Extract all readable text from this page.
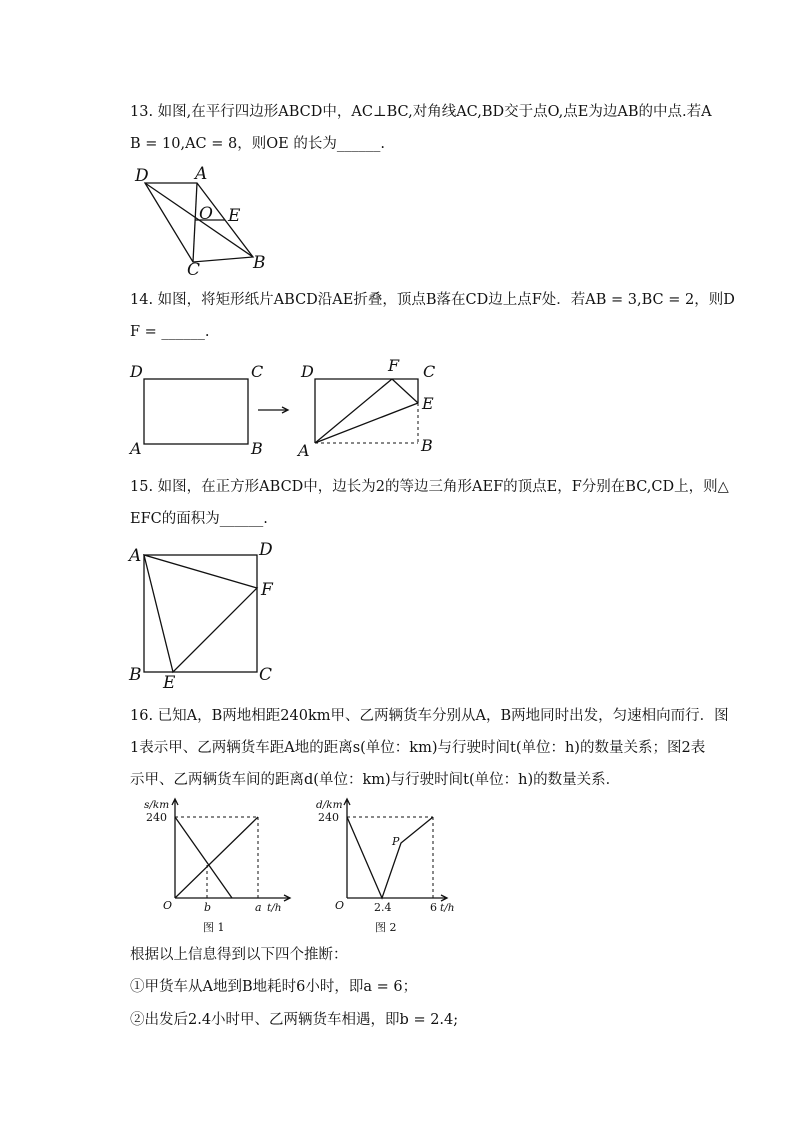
13. 如图,在平行四边形ABCD中，AC⊥BC,对角线AC,BD交于点O,点E为边AB的中点.若A
B = 10,AC = 8，则OE 的长为______.
D	A
O E
C	B
14. 如图，将矩形纸片ABCD沿AE折叠，顶点B落在CD边上点F处．若AB = 3,BC = 2，则D
F = ______.
D	C
A	B
D	F C
E
A	B
15. 如图，在正方形ABCD中，边长为2的等边三角形AEF的顶点E，F分别在BC,CD上，则△
EFC的面积为______.
A	D
F
B E	C
16. 已知A，B两地相距240km甲、乙两辆货车分别从A，B两地同时出发，匀速相向而行．图
1表示甲、乙两辆货车距A地的距离s(单位：km)与行驶时间t(单位：h)的数量关系；图2表
示甲、乙两辆货车间的距离d(单位：km)与行驶时间t(单位：h)的数量关系．
s/km
240
O	b	a t/h
图 1
d/km
240
P
O	2.4	6 t/h
图 2
根据以上信息得到以下四个推断：
①甲货车从A地到B地耗时6小时，即a = 6；
②出发后2.4小时甲、乙两辆货车相遇，即b = 2.4;
